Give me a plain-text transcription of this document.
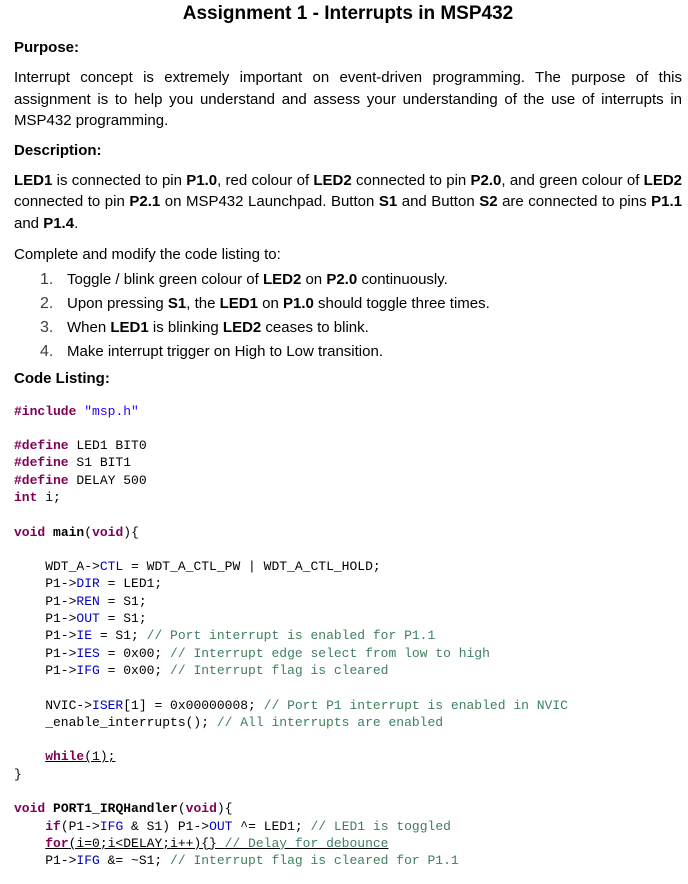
Assignment 1 - Interrupts in MSP432
Purpose:
Interrupt concept is extremely important on event-driven programming. The purpose of this assignment is to help you understand and assess your understanding of the use of interrupts in MSP432 programming.
Description:
LED1 is connected to pin P1.0, red colour of LED2 connected to pin P2.0, and green colour of LED2 connected to pin P2.1 on MSP432 Launchpad. Button S1 and Button S2 are connected to pins P1.1 and P1.4.
Complete and modify the code listing to:
1. Toggle / blink green colour of LED2 on P2.0 continuously.
2. Upon pressing S1, the LED1 on P1.0 should toggle three times.
3. When LED1 is blinking LED2 ceases to blink.
4. Make interrupt trigger on High to Low transition.
Code Listing:
#include "msp.h"

#define LED1 BIT0
#define S1 BIT1
#define DELAY 500
int i;

void main(void){

WDT_A->CTL = WDT_A_CTL_PW | WDT_A_CTL_HOLD;
P1->DIR = LED1;
P1->REN = S1;
P1->OUT = S1;
P1->IE = S1; // Port interrupt is enabled for P1.1
P1->IES = 0x00; // Interrupt edge select from low to high
P1->IFG = 0x00; // Interrupt flag is cleared

NVIC->ISER[1] = 0x00000008; // Port P1 interrupt is enabled in NVIC
_enable_interrupts(); // All interrupts are enabled

while(1);
}

void PORT1_IRQHandler(void){
if(P1->IFG & S1) P1->OUT ^= LED1; // LED1 is toggled
for(i=0;i<DELAY;i++){} // Delay for debounce
P1->IFG &= ~S1; // Interrupt flag is cleared for P1.1
